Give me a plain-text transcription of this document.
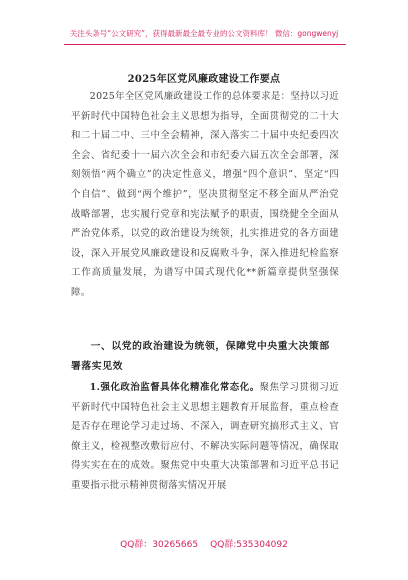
关注头条号“公文研究”，获得最新最全最专业的公文资料库！ 微信：gongwenyj
2025年区党风廉政建设工作要点

2025年全区党风廉政建设工作的总体要求是：坚持以习近平新时代中国特色社会主义思想为指导，全面贯彻党的二十大和二十届二中、三中全会精神，深入落实二十届中央纪委四次全会、省纪委十一届六次全会和市纪委六届五次全会部署，深刻领悟“两个确立”的决定性意义，增强“四个意识”、坚定“四个自信”、做到“两个维护”，坚决贯彻坚定不移全面从严治党战略部署，忠实履行党章和宪法赋予的职责，围绕健全全面从严治党体系，以党的政治建设为统领，扎实推进党的各方面建设，深入开展党风廉政建设和反腐败斗争，深入推进纪检监察工作高质量发展，为谱写中国式现代化**新篇章提供坚强保障。

一、以党的政治建设为统领，保障党中央重大决策部署落实见效

1.强化政治监督具体化精准化常态化。聚焦学习贯彻习近平新时代中国特色社会主义思想主题教育开展监督，重点检查是否存在理论学习走过场、不深入，调查研究搞形式主义、官僚主义，检视整改敷衍应付、不解决实际问题等情况，确保取得实实在在的成效。聚焦党中央重大决策部署和习近平总书记重要指示批示精神贯彻落实情况开展

QQ群：30265665 QQ群:535304092
